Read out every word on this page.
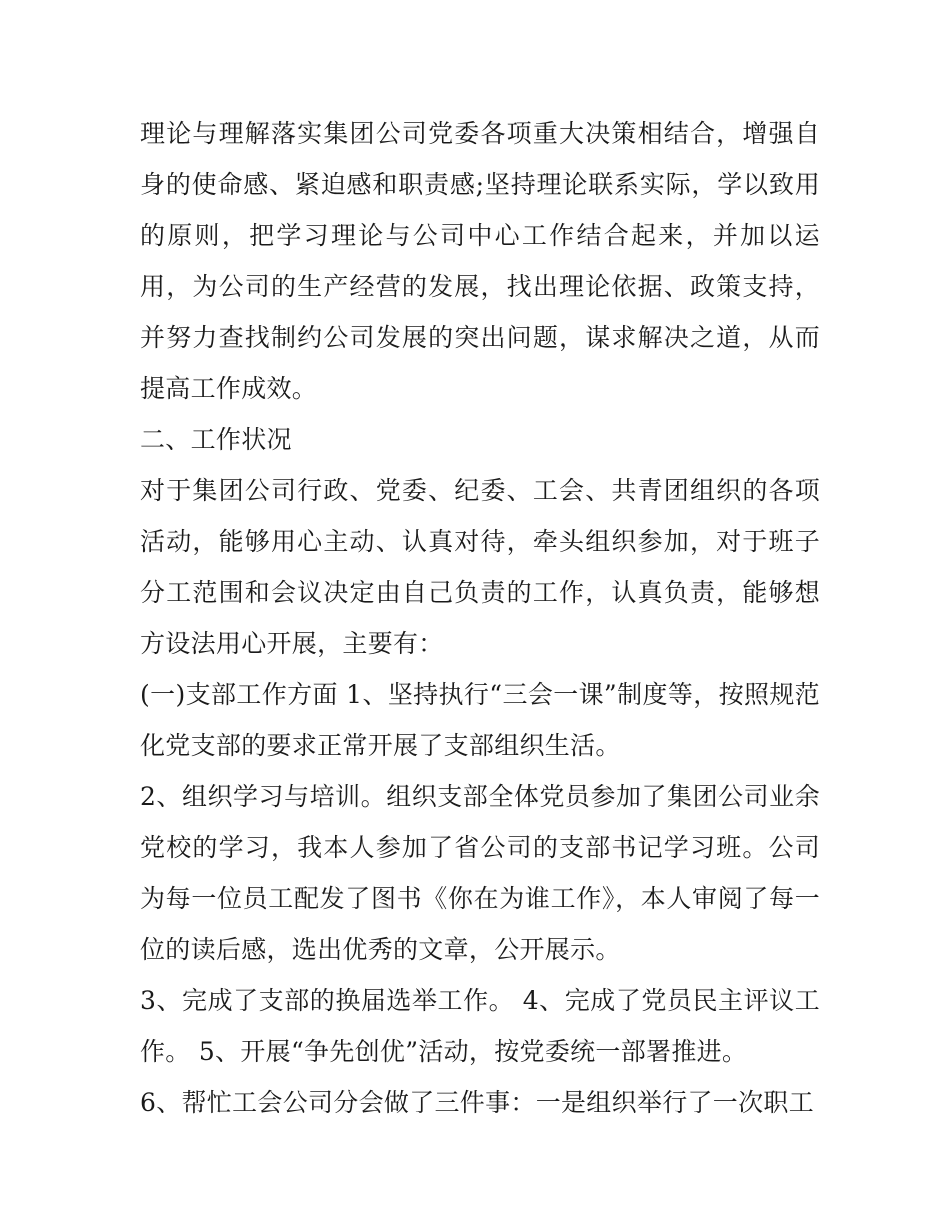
理论与理解落实集团公司党委各项重大决策相结合，增强自身的使命感、紧迫感和职责感;坚持理论联系实际，学以致用的原则，把学习理论与公司中心工作结合起来，并加以运用，为公司的生产经营的发展，找出理论依据、政策支持，并努力查找制约公司发展的突出问题，谋求解决之道，从而提高工作成效。

二、工作状况

对于集团公司行政、党委、纪委、工会、共青团组织的各项活动，能够用心主动、认真对待，牵头组织参加，对于班子分工范围和会议决定由自己负责的工作，认真负责，能够想方设法用心开展，主要有：

(一)支部工作方面 1、坚持执行“三会一课”制度等，按照规范化党支部的要求正常开展了支部组织生活。

2、组织学习与培训。组织支部全体党员参加了集团公司业余党校的学习，我本人参加了省公司的支部书记学习班。公司为每一位员工配发了图书《你在为谁工作》，本人审阅了每一位的读后感，选出优秀的文章，公开展示。

3、完成了支部的换届选举工作。 4、完成了党员民主评议工作。 5、开展“争先创优”活动，按党委统一部署推进。

6、帮忙工会公司分会做了三件事：一是组织举行了一次职工
